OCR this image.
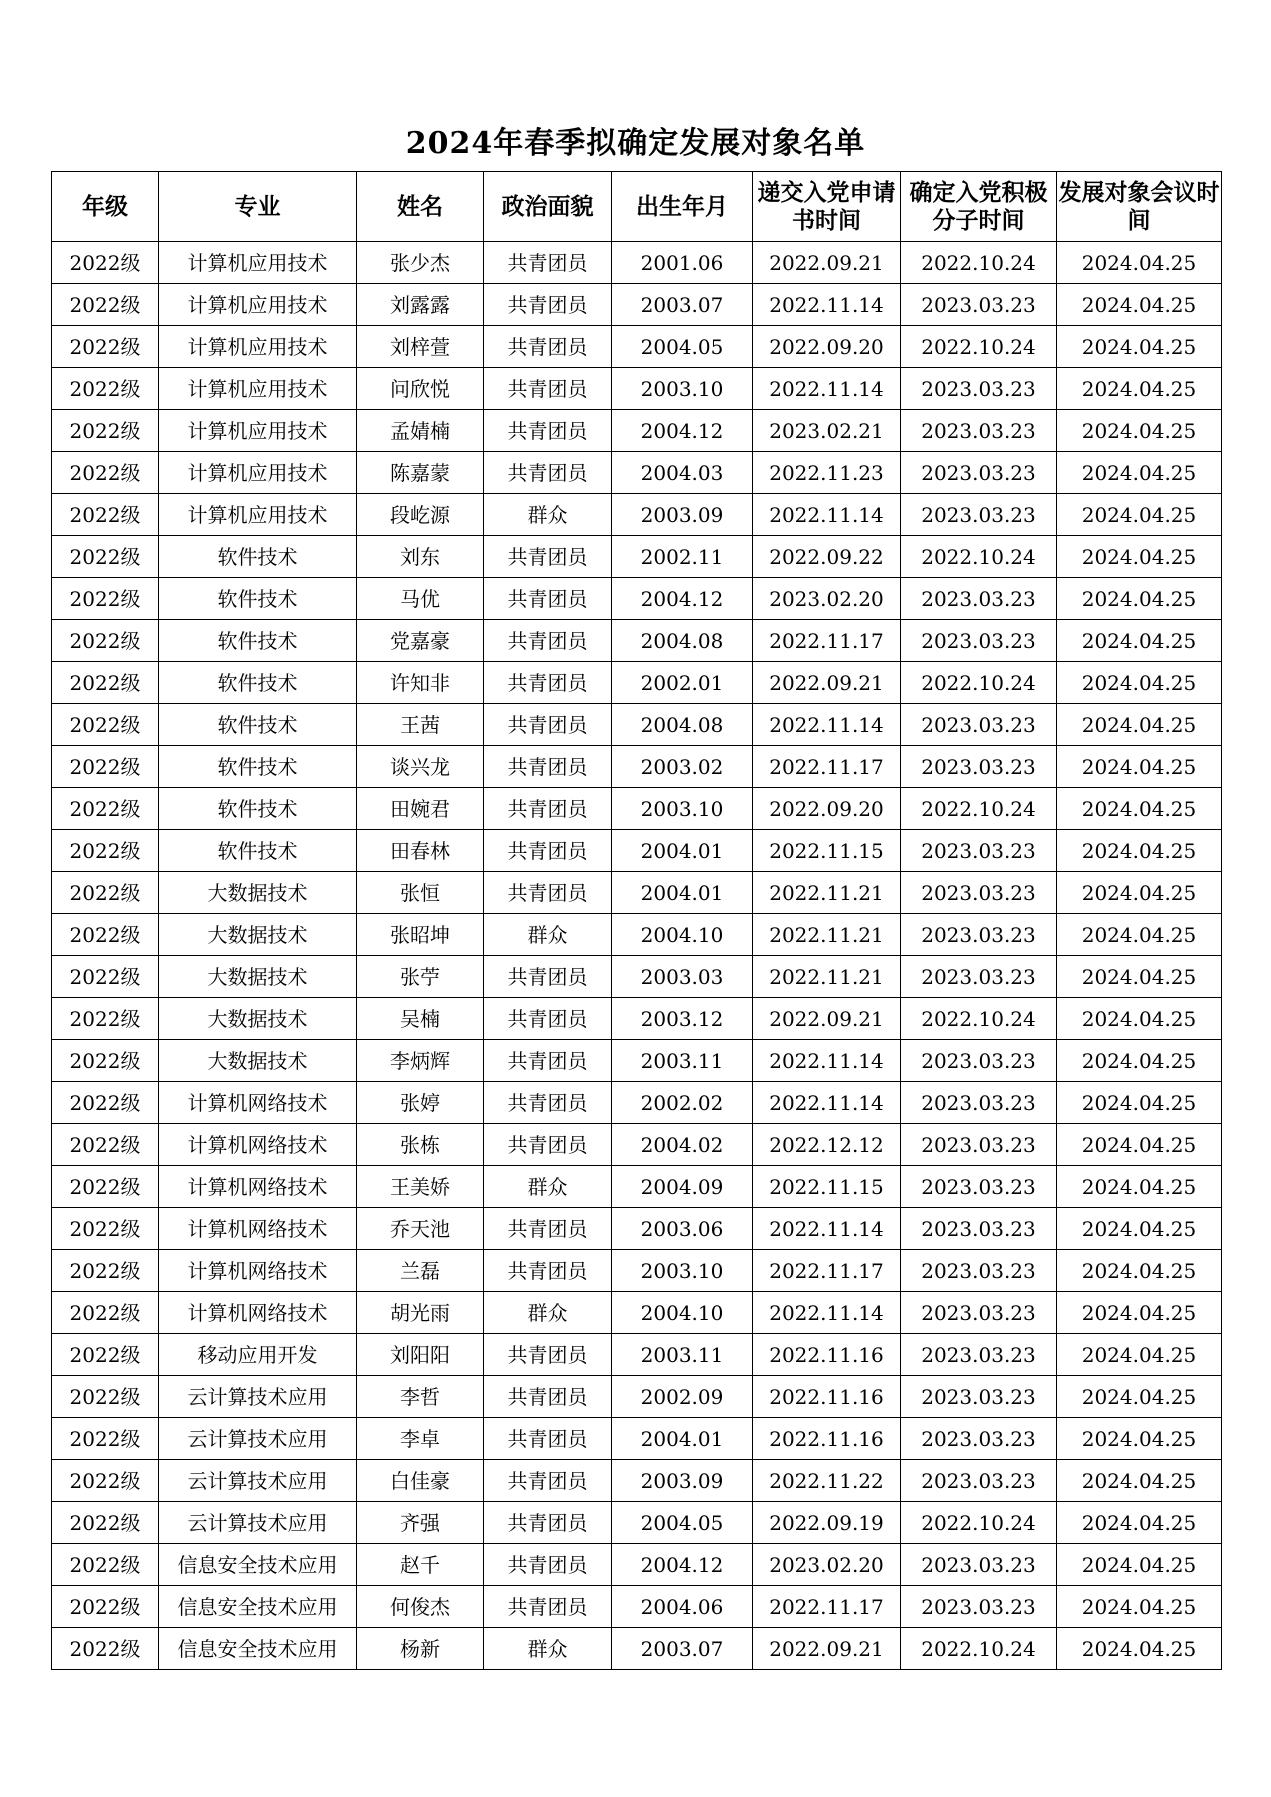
2024年春季拟确定发展对象名单
年级	专业	姓名	政治面貌	出生年月	递交入党申请书时间	确定入党积极分子时间	发展对象会议时间
2022级	计算机应用技术	张少杰	共青团员	2001.06	2022.09.21	2022.10.24	2024.04.25
2022级	计算机应用技术	刘露露	共青团员	2003.07	2022.11.14	2023.03.23	2024.04.25
2022级	计算机应用技术	刘梓萱	共青团员	2004.05	2022.09.20	2022.10.24	2024.04.25
2022级	计算机应用技术	问欣悦	共青团员	2003.10	2022.11.14	2023.03.23	2024.04.25
2022级	计算机应用技术	孟婧楠	共青团员	2004.12	2023.02.21	2023.03.23	2024.04.25
2022级	计算机应用技术	陈嘉蒙	共青团员	2004.03	2022.11.23	2023.03.23	2024.04.25
2022级	计算机应用技术	段屹源	群众	2003.09	2022.11.14	2023.03.23	2024.04.25
2022级	软件技术	刘东	共青团员	2002.11	2022.09.22	2022.10.24	2024.04.25
2022级	软件技术	马优	共青团员	2004.12	2023.02.20	2023.03.23	2024.04.25
2022级	软件技术	党嘉豪	共青团员	2004.08	2022.11.17	2023.03.23	2024.04.25
2022级	软件技术	许知非	共青团员	2002.01	2022.09.21	2022.10.24	2024.04.25
2022级	软件技术	王茜	共青团员	2004.08	2022.11.14	2023.03.23	2024.04.25
2022级	软件技术	谈兴龙	共青团员	2003.02	2022.11.17	2023.03.23	2024.04.25
2022级	软件技术	田婉君	共青团员	2003.10	2022.09.20	2022.10.24	2024.04.25
2022级	软件技术	田春林	共青团员	2004.01	2022.11.15	2023.03.23	2024.04.25
2022级	大数据技术	张恒	共青团员	2004.01	2022.11.21	2023.03.23	2024.04.25
2022级	大数据技术	张昭坤	群众	2004.10	2022.11.21	2023.03.23	2024.04.25
2022级	大数据技术	张苧	共青团员	2003.03	2022.11.21	2023.03.23	2024.04.25
2022级	大数据技术	吴楠	共青团员	2003.12	2022.09.21	2022.10.24	2024.04.25
2022级	大数据技术	李炳辉	共青团员	2003.11	2022.11.14	2023.03.23	2024.04.25
2022级	计算机网络技术	张婷	共青团员	2002.02	2022.11.14	2023.03.23	2024.04.25
2022级	计算机网络技术	张栋	共青团员	2004.02	2022.12.12	2023.03.23	2024.04.25
2022级	计算机网络技术	王美娇	群众	2004.09	2022.11.15	2023.03.23	2024.04.25
2022级	计算机网络技术	乔天池	共青团员	2003.06	2022.11.14	2023.03.23	2024.04.25
2022级	计算机网络技术	兰磊	共青团员	2003.10	2022.11.17	2023.03.23	2024.04.25
2022级	计算机网络技术	胡光雨	群众	2004.10	2022.11.14	2023.03.23	2024.04.25
2022级	移动应用开发	刘阳阳	共青团员	2003.11	2022.11.16	2023.03.23	2024.04.25
2022级	云计算技术应用	李哲	共青团员	2002.09	2022.11.16	2023.03.23	2024.04.25
2022级	云计算技术应用	李卓	共青团员	2004.01	2022.11.16	2023.03.23	2024.04.25
2022级	云计算技术应用	白佳豪	共青团员	2003.09	2022.11.22	2023.03.23	2024.04.25
2022级	云计算技术应用	齐强	共青团员	2004.05	2022.09.19	2022.10.24	2024.04.25
2022级	信息安全技术应用	赵千	共青团员	2004.12	2023.02.20	2023.03.23	2024.04.25
2022级	信息安全技术应用	何俊杰	共青团员	2004.06	2022.11.17	2023.03.23	2024.04.25
2022级	信息安全技术应用	杨新	群众	2003.07	2022.09.21	2022.10.24	2024.04.25
